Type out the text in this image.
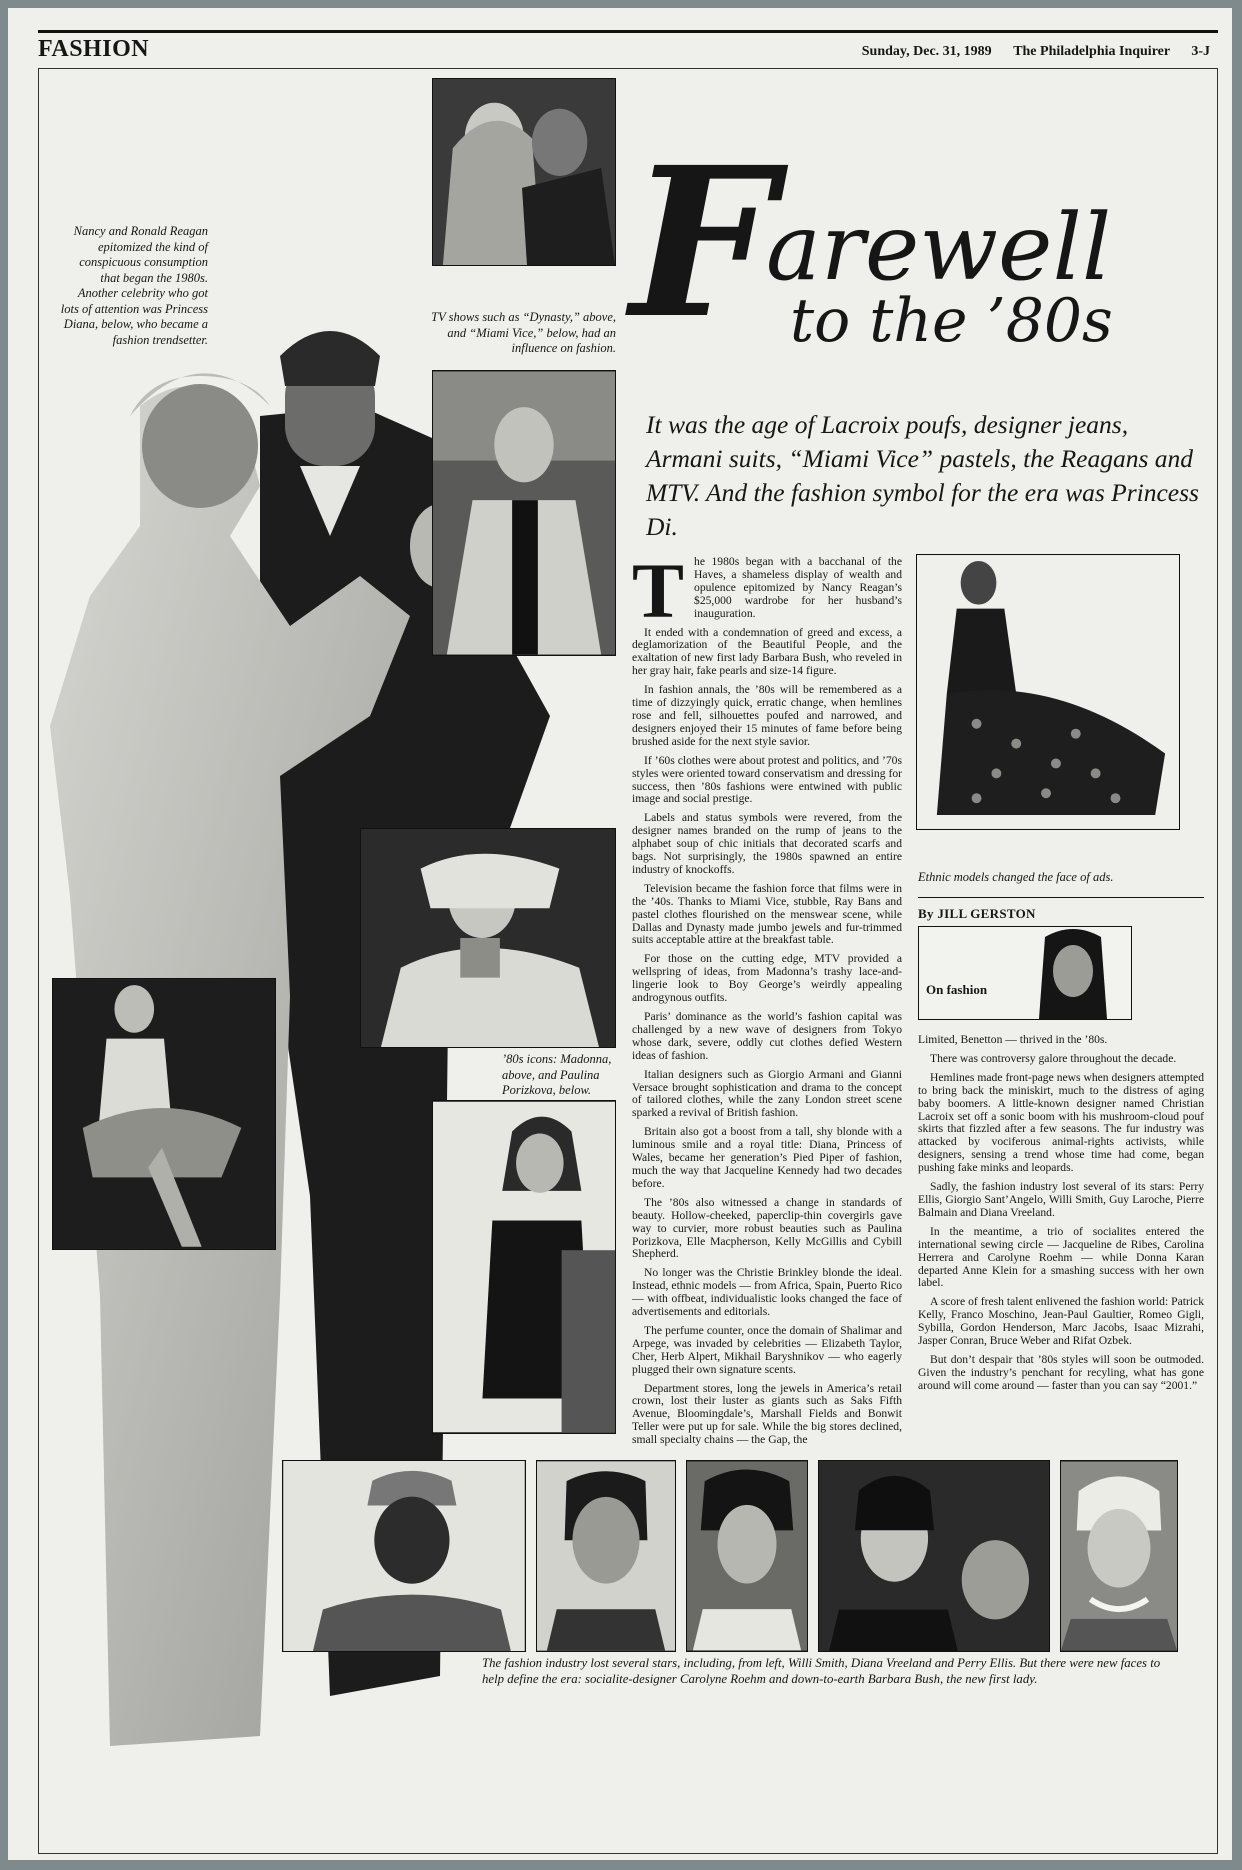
FASHION	Sunday, Dec. 31, 1989 The Philadelphia Inquirer 3-J
By JILL GERSTON
On fashion
Nancy and Ronald Reagan epitomized the kind of conspicuous consumption that began the 1980s. Another celebrity who got lots of attention was Princess Diana, below, who became a fashion trendsetter.
TV shows such as “Dynasty,” above, and “Miami Vice,” below, had an influence on fashion.
’80s icons: Madonna, above, and Paulina Porizkova, below.
Ethnic models changed the face of ads.
The fashion industry lost several stars, including, from left, Willi Smith, Diana Vreeland and Perry Ellis. But there were new faces to help define the era: socialite-designer Carolyne Roehm and down-to-earth Barbara Bush, the new first lady.
F
arewell
to the ’80s
It was the age of Lacroix poufs, designer jeans, Armani suits, “Miami Vice” pastels, the Reagans and MTV. And the fashion symbol for the era was Princess Di.
T he 1980s began with a bacchanal of the Haves, a shameless display of wealth and opulence epitomized by Nancy Reagan’s $25,000 wardrobe for her husband’s inauguration.

It ended with a condemnation of greed and excess, a deglamorization of the Beautiful People, and the exaltation of new first lady Barbara Bush, who reveled in her gray hair, fake pearls and size-14 figure.

In fashion annals, the ’80s will be remembered as a time of dizzyingly quick, erratic change, when hemlines rose and fell, silhouettes poufed and narrowed, and designers enjoyed their 15 minutes of fame before being brushed aside for the next style savior.

If ’60s clothes were about protest and politics, and ’70s styles were oriented toward conservatism and dressing for success, then ’80s fashions were entwined with public image and social prestige.

Labels and status symbols were revered, from the designer names branded on the rump of jeans to the alphabet soup of chic initials that decorated scarfs and bags. Not surprisingly, the 1980s spawned an entire industry of knockoffs.

Television became the fashion force that films were in the ’40s. Thanks to Miami Vice, stubble, Ray Bans and pastel clothes flourished on the menswear scene, while Dallas and Dynasty made jumbo jewels and fur-trimmed suits acceptable attire at the breakfast table.

For those on the cutting edge, MTV provided a wellspring of ideas, from Madonna’s trashy lace-and-lingerie look to Boy George’s weirdly appealing androgynous outfits.

Paris’ dominance as the world’s fashion capital was challenged by a new wave of designers from Tokyo whose dark, severe, oddly cut clothes defied Western ideas of fashion.

Italian designers such as Giorgio Armani and Gianni Versace brought sophistication and drama to the concept of tailored clothes, while the zany London street scene sparked a revival of British fashion.

Britain also got a boost from a tall, shy blonde with a luminous smile and a royal title: Diana, Princess of Wales, became her generation’s Pied Piper of fashion, much the way that Jacqueline Kennedy had two decades before.

The ’80s also witnessed a change in standards of beauty. Hollow-cheeked, paperclip-thin covergirls gave way to curvier, more robust beauties such as Paulina Porizkova, Elle Macpherson, Kelly McGillis and Cybill Shepherd.

No longer was the Christie Brinkley blonde the ideal. Instead, ethnic models — from Africa, Spain, Puerto Rico — with offbeat, individualistic looks changed the face of advertisements and editorials.

The perfume counter, once the domain of Shalimar and Arpege, was invaded by celebrities — Elizabeth Taylor, Cher, Herb Alpert, Mikhail Baryshnikov — who eagerly plugged their own signature scents.

Department stores, long the jewels in America’s retail crown, lost their luster as giants such as Saks Fifth Avenue, Bloomingdale’s, Marshall Fields and Bonwit Teller were put up for sale. While the big stores declined, small specialty chains — the Gap, the

Limited, Benetton — thrived in the ’80s.

There was controversy galore throughout the decade.

Hemlines made front-page news when designers attempted to bring back the miniskirt, much to the distress of aging baby boomers. A little-known designer named Christian Lacroix set off a sonic boom with his mushroom-cloud pouf skirts that fizzled after a few seasons. The fur industry was attacked by vociferous animal-rights activists, while designers, sensing a trend whose time had come, began pushing fake minks and leopards.

Sadly, the fashion industry lost several of its stars: Perry Ellis, Giorgio Sant’Angelo, Willi Smith, Guy Laroche, Pierre Balmain and Diana Vreeland.

In the meantime, a trio of socialites entered the international sewing circle — Jacqueline de Ribes, Carolina Herrera and Carolyne Roehm — while Donna Karan departed Anne Klein for a smashing success with her own label.

A score of fresh talent enlivened the fashion world: Patrick Kelly, Franco Moschino, Jean-Paul Gaultier, Romeo Gigli, Sybilla, Gordon Henderson, Marc Jacobs, Isaac Mizrahi, Jasper Conran, Bruce Weber and Rifat Ozbek.

But don’t despair that ’80s styles will soon be outmoded. Given the industry’s penchant for recyling, what has gone around will come around — faster than you can say “2001.”
